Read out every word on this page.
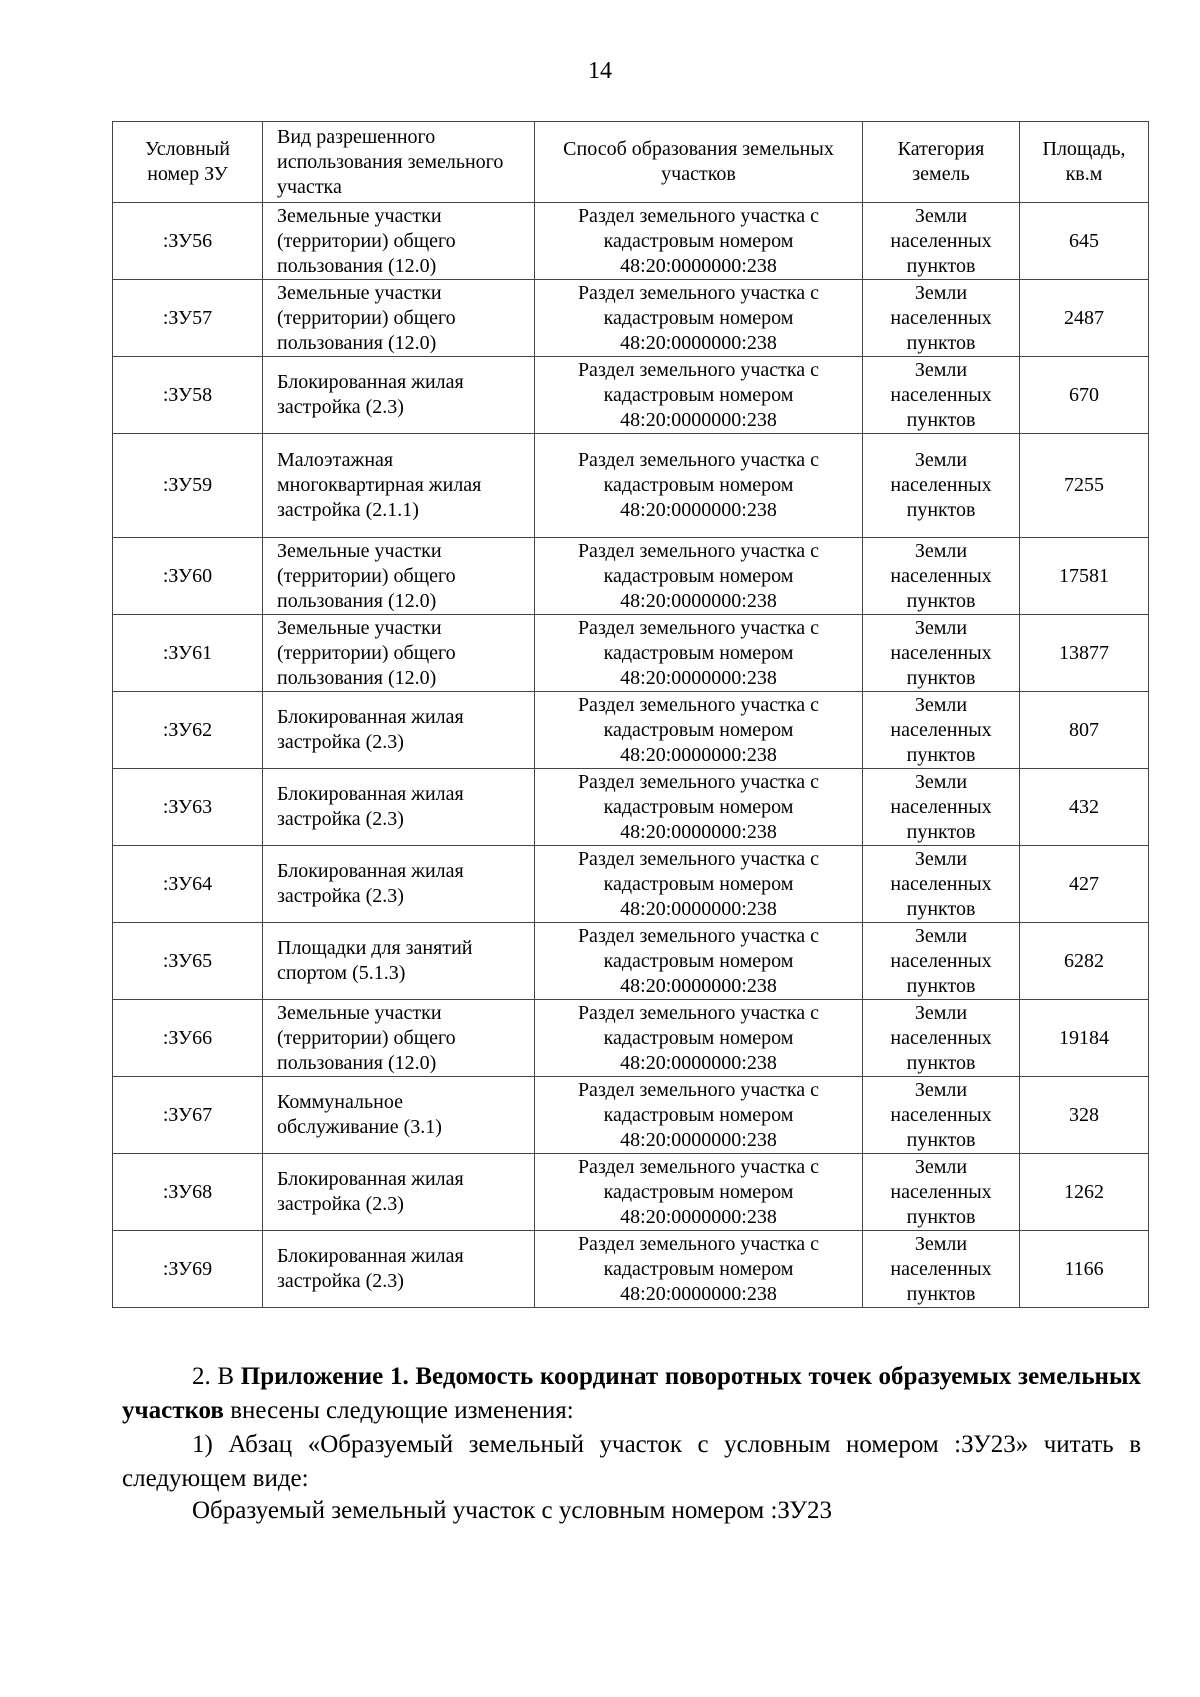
14
Условный номер ЗУ	Вид разрешенного использования земельного участка	Способ образования земельных участков	Категория земель	Площадь, кв.м
:ЗУ56	Земельные участки (территории) общего пользования (12.0)	Раздел земельного участка с кадастровым номером 48:20:0000000:238	Земли населенных пунктов	645
:ЗУ57	Земельные участки (территории) общего пользования (12.0)	Раздел земельного участка с кадастровым номером 48:20:0000000:238	Земли населенных пунктов	2487
:ЗУ58	Блокированная жилая застройка (2.3)	Раздел земельного участка с кадастровым номером 48:20:0000000:238	Земли населенных пунктов	670
:ЗУ59	Малоэтажная многоквартирная жилая застройка (2.1.1)	Раздел земельного участка с кадастровым номером 48:20:0000000:238	Земли населенных пунктов	7255
:ЗУ60	Земельные участки (территории) общего пользования (12.0)	Раздел земельного участка с кадастровым номером 48:20:0000000:238	Земли населенных пунктов	17581
:ЗУ61	Земельные участки (территории) общего пользования (12.0)	Раздел земельного участка с кадастровым номером 48:20:0000000:238	Земли населенных пунктов	13877
:ЗУ62	Блокированная жилая застройка (2.3)	Раздел земельного участка с кадастровым номером 48:20:0000000:238	Земли населенных пунктов	807
:ЗУ63	Блокированная жилая застройка (2.3)	Раздел земельного участка с кадастровым номером 48:20:0000000:238	Земли населенных пунктов	432
:ЗУ64	Блокированная жилая застройка (2.3)	Раздел земельного участка с кадастровым номером 48:20:0000000:238	Земли населенных пунктов	427
:ЗУ65	Площадки для занятий спортом (5.1.3)	Раздел земельного участка с кадастровым номером 48:20:0000000:238	Земли населенных пунктов	6282
:ЗУ66	Земельные участки (территории) общего пользования (12.0)	Раздел земельного участка с кадастровым номером 48:20:0000000:238	Земли населенных пунктов	19184
:ЗУ67	Коммунальное обслуживание (3.1)	Раздел земельного участка с кадастровым номером 48:20:0000000:238	Земли населенных пунктов	328
:ЗУ68	Блокированная жилая застройка (2.3)	Раздел земельного участка с кадастровым номером 48:20:0000000:238	Земли населенных пунктов	1262
:ЗУ69	Блокированная жилая застройка (2.3)	Раздел земельного участка с кадастровым номером 48:20:0000000:238	Земли населенных пунктов	1166
2. В Приложение 1. Ведомость координат поворотных точек образуемых земельных участков внесены следующие изменения:
1) Абзац «Образуемый земельный участок с условным номером :ЗУ23» читать в следующем виде:
Образуемый земельный участок с условным номером :ЗУ23
